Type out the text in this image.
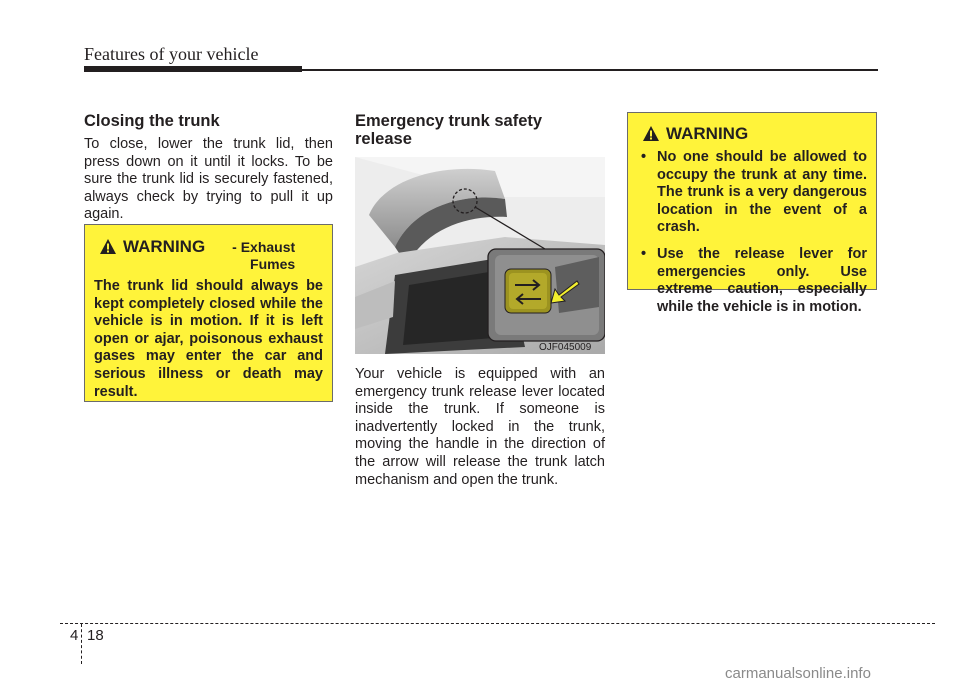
Features of your vehicle
Closing the trunk

To close, lower the trunk lid, then press down on it until it locks. To be sure the trunk lid is securely fastened, always check by trying to pull it up again.

WARNING	- Exhaust Fumes

The trunk lid should always be kept completely closed while the vehicle is in motion. If it is left open or ajar, poisonous exhaust gases may enter the car and serious illness or death may result.

Emergency trunk safety release
OJF045009

Your vehicle is equipped with an emergency trunk release lever located inside the trunk. If someone is inadvertently locked in the trunk, moving the handle in the direction of the arrow will release the trunk latch mechanism and open the trunk.

WARNING
• No one should be allowed to occupy the trunk at any time. The trunk is a very dangerous location in the event of a crash.
• Use the release lever for emergencies only. Use extreme caution, especially while the vehicle is in motion.
4 18
carmanualsonline.info
